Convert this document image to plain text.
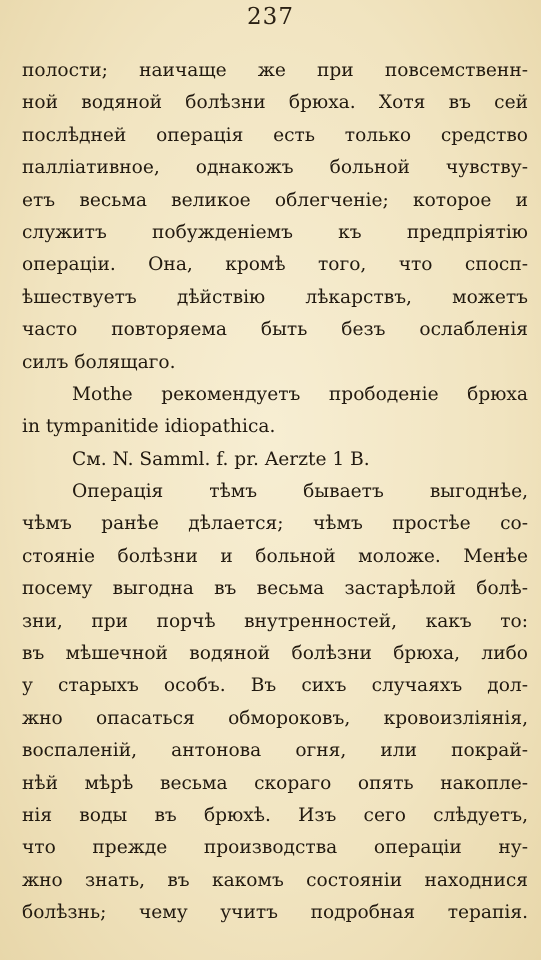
237
полости; наичаще же при повсемственн-
ной водяной болѣзни брюха. Хотя въ сей
послѣдней операція есть только средство
палліативное, однакожъ больной чувству-
етъ весьма великое облегченіе; которое и
служитъ побужденіемъ къ предпріятію
операціи. Она, кромѣ того, что спосп-
ѣшествуетъ дѣйствію лѣкарствъ, можетъ
часто повторяема быть безъ ослабленія
силъ болящаго.
Mothe рекомендуетъ прободеніе брюха
in tympanitide idiopathica.
См. N. Samml. f. pr. Aerzte 1 B.
Операція тѣмъ бываетъ выгоднѣе,
чѣмъ ранѣе дѣлается; чѣмъ простѣе со-
стояніе болѣзни и больной моложе. Менѣе
посему выгодна въ весьма застарѣлой болѣ-
зни, при порчѣ внутренностей, какъ то:
въ мѣшечной водяной болѣзни брюха, либо
у старыхъ особъ. Въ сихъ случаяхъ дол-
жно опасаться обмороковъ, кровоизліянія,
воспаленій, антонова огня, или покрай-
нѣй мѣрѣ весьма скораго опять накопле-
нія воды въ брюхѣ. Изъ сего слѣдуетъ,
что прежде производства операціи ну-
жно знать, въ какомъ состояніи находнися
болѣзнь; чему учитъ подробная терапія.
